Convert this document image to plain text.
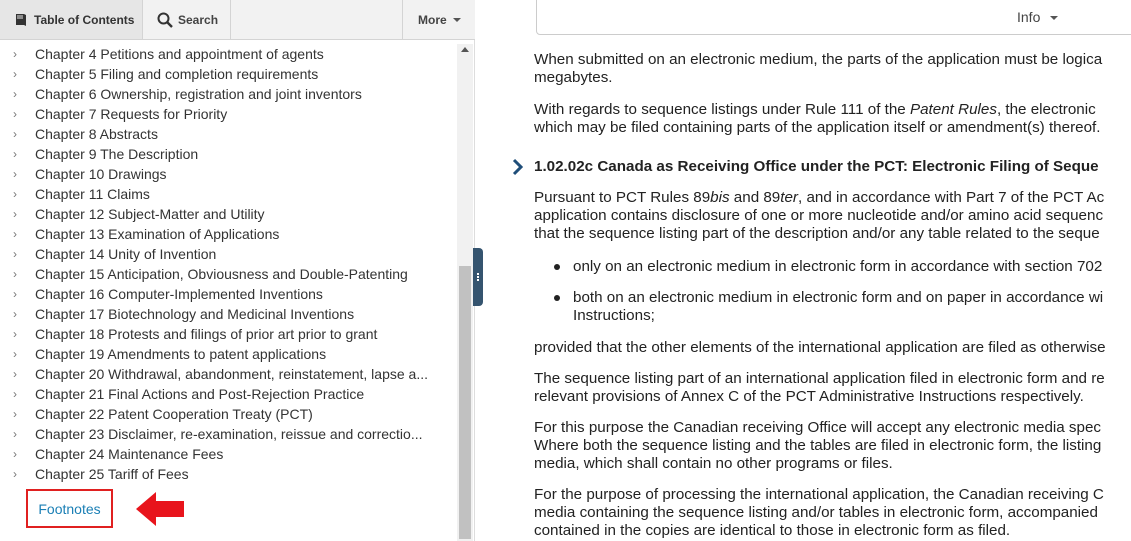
Table of Contents	Search	More
› Chapter 4 Petitions and appointment of agents
› Chapter 5 Filing and completion requirements
› Chapter 6 Ownership, registration and joint inventors
› Chapter 7 Requests for Priority
› Chapter 8 Abstracts
› Chapter 9 The Description
› Chapter 10 Drawings
› Chapter 11 Claims
› Chapter 12 Subject-Matter and Utility
› Chapter 13 Examination of Applications
› Chapter 14 Unity of Invention
› Chapter 15 Anticipation, Obviousness and Double-Patenting
› Chapter 16 Computer-Implemented Inventions
› Chapter 17 Biotechnology and Medicinal Inventions
› Chapter 18 Protests and filings of prior art prior to grant
› Chapter 19 Amendments to patent applications
› Chapter 20 Withdrawal, abandonment, reinstatement, lapse a...
› Chapter 21 Final Actions and Post-Rejection Practice
› Chapter 22 Patent Cooperation Treaty (PCT)
› Chapter 23 Disclaimer, re-examination, reissue and correctio...
› Chapter 24 Maintenance Fees
› Chapter 25 Tariff of Fees
Footnotes
Info
When submitted on an electronic medium, the parts of the application must be logica
megabytes.
With regards to sequence listings under Rule 111 of the Patent Rules, the electronic
which may be filed containing parts of the application itself or amendment(s) thereof.
1.02.02c Canada as Receiving Office under the PCT: Electronic Filing of Seque
Pursuant to PCT Rules 89bis and 89ter, and in accordance with Part 7 of the PCT Ac
application contains disclosure of one or more nucleotide and/or amino acid sequenc
that the sequence listing part of the description and/or any table related to the seque
only on an electronic medium in electronic form in accordance with section 702
both on an electronic medium in electronic form and on paper in accordance wi
Instructions;
provided that the other elements of the international application are filed as otherwise
The sequence listing part of an international application filed in electronic form and re
relevant provisions of Annex C of the PCT Administrative Instructions respectively.
For this purpose the Canadian receiving Office will accept any electronic media spec
Where both the sequence listing and the tables are filed in electronic form, the listing
media, which shall contain no other programs or files.
For the purpose of processing the international application, the Canadian receiving C
media containing the sequence listing and/or tables in electronic form, accompanied
contained in the copies are identical to those in electronic form as filed.
